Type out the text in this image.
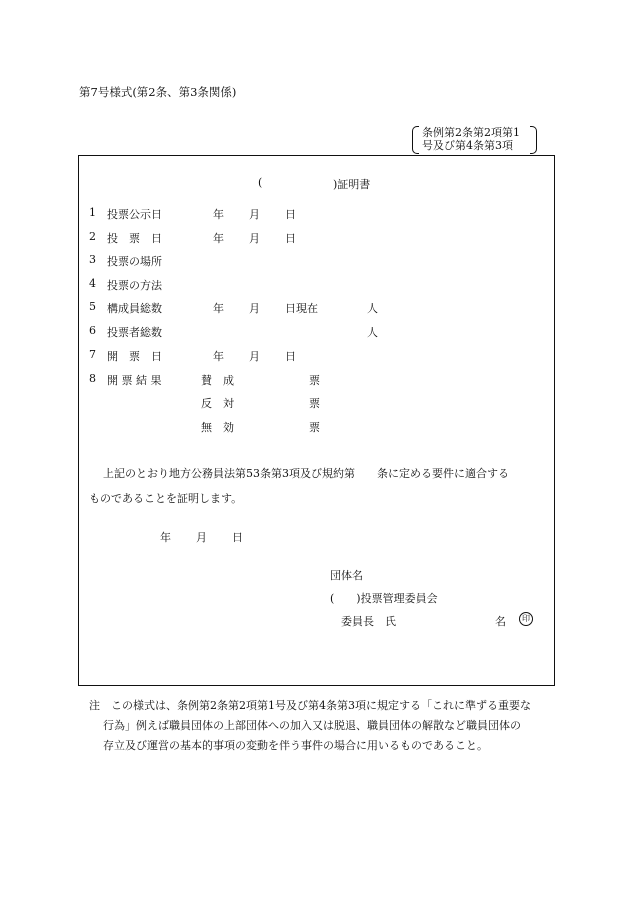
第7号様式(第2条、第3条関係)
条例第2条第2項第1
号及び第4条第3項
(	)証明書
1 投票公示日	年 月 日
2 投　票　日	年 月 日
3 投票の場所
4 投票の方法
5 構成員総数	年 月 日現在	人
6 投票者総数	人
7 開　票　日	年 月 日
8 開 票 結 果	賛　成	票
反　対	票
無　効	票
上記のとおり地方公務員法第53条第3項及び規約第　　条に定める要件に適合する
ものであることを証明します。
年 月 日
団体名
(　　)投票管理委員会
委員長　氏	名	印
注　この様式は、条例第2条第2項第1号及び第4条第3項に規定する「これに準ずる重要な
行為」例えば職員団体の上部団体への加入又は脱退、職員団体の解散など職員団体の
存立及び運営の基本的事項の変動を伴う事件の場合に用いるものであること。
